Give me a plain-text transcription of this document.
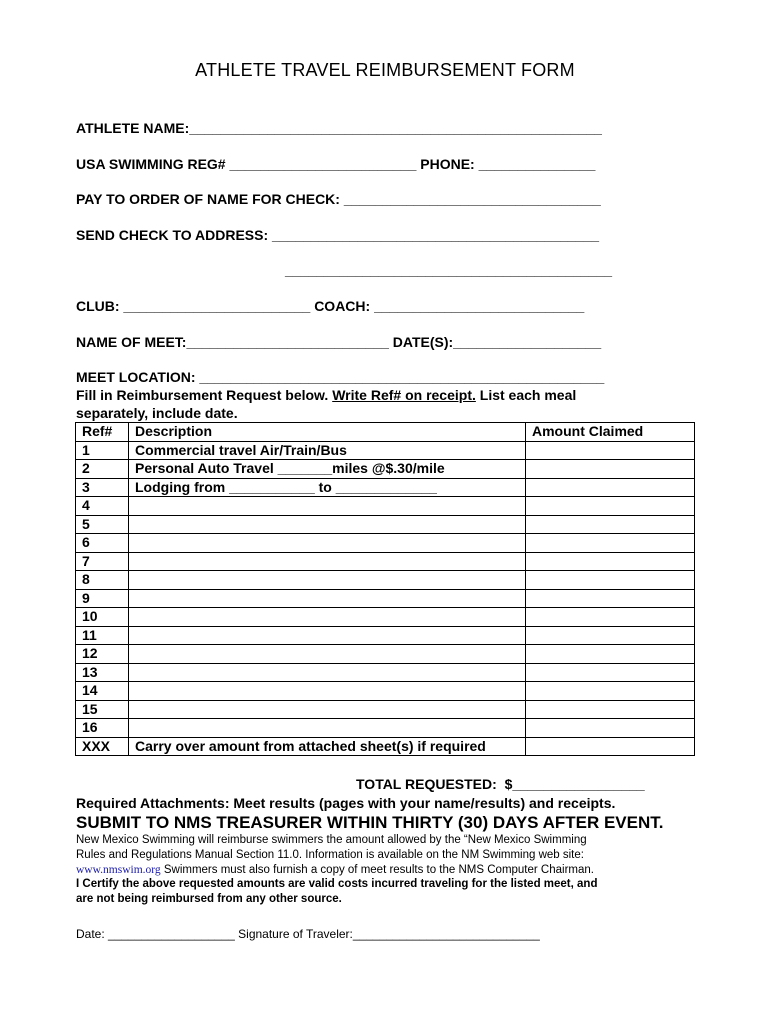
ATHLETE TRAVEL REIMBURSEMENT FORM
ATHLETE NAME:_____________________________________________________
USA SWIMMING REG# ________________________ PHONE: _______________
PAY TO ORDER OF NAME FOR CHECK: _________________________________
SEND CHECK TO ADDRESS: __________________________________________
__________________________________________
CLUB: ________________________ COACH: ___________________________
NAME OF MEET:__________________________ DATE(S):___________________
MEET LOCATION: ____________________________________________________
Fill in Reimbursement Request below. Write Ref# on receipt. List each meal
separately, include date.
Ref#	Description	Amount Claimed
1	Commercial travel Air/Train/Bus	
2	Personal Auto Travel _______miles @$.30/mile	
3	Lodging from ___________ to _____________	
4		
5		
6		
7		
8		
9		
10		
11		
12		
13		
14		
15		
16		
XXX	Carry over amount from attached sheet(s) if required	
TOTAL REQUESTED:  $_________________
Required Attachments: Meet results (pages with your name/results) and receipts.
SUBMIT TO NMS TREASURER WITHIN THIRTY (30) DAYS AFTER EVENT.
New Mexico Swimming will reimburse swimmers the amount allowed by the “New Mexico Swimming
Rules and Regulations Manual Section 11.0. Information is available on the NM Swimming web site:
www.nmswim.org Swimmers must also furnish a copy of meet results to the NMS Computer Chairman.
I Certify the above requested amounts are valid costs incurred traveling for the listed meet, and
are not being reimbursed from any other source.
Date: ___________________ Signature of Traveler:____________________________
